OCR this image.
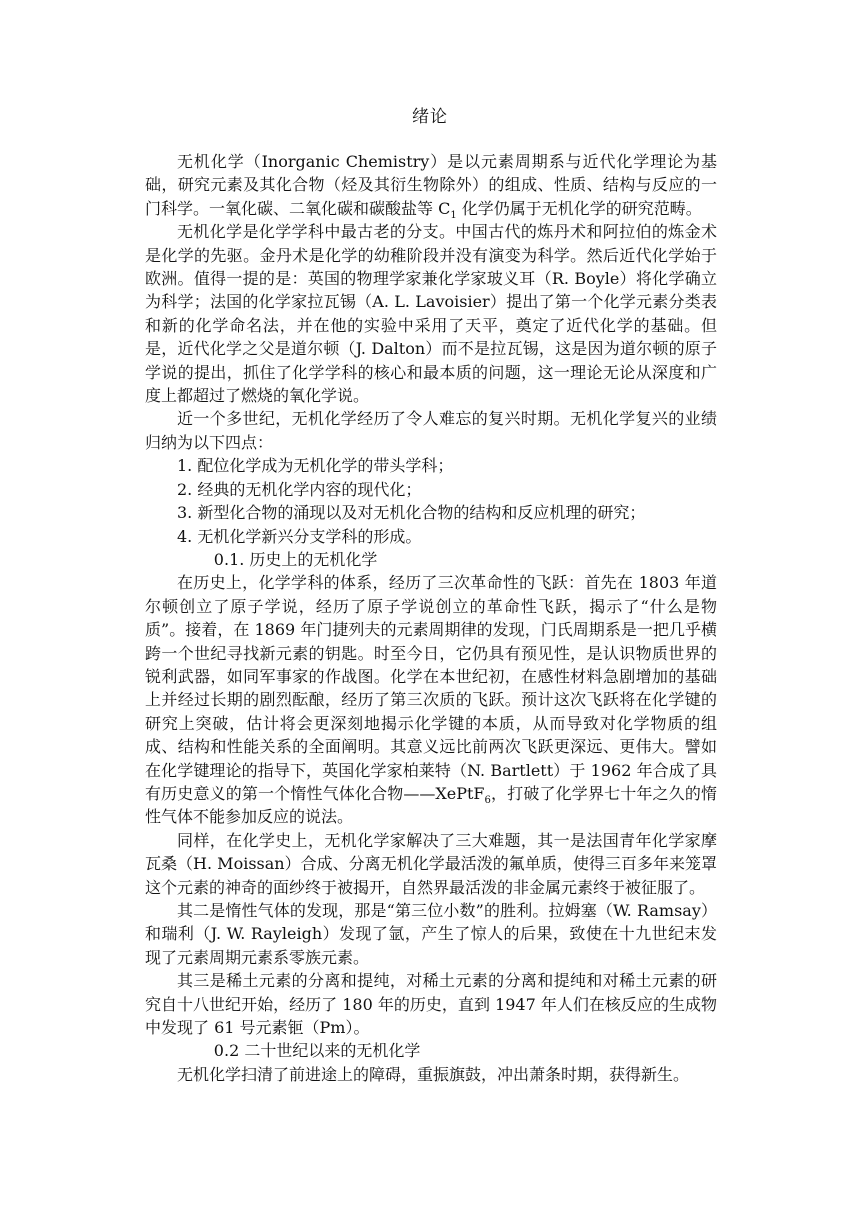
绪论

无机化学（Inorganic Chemistry）是以元素周期系与近代化学理论为基础，研究元素及其化合物（烃及其衍生物除外）的组成、性质、结构与反应的一门科学。一氧化碳、二氧化碳和碳酸盐等 $C_1$ 化学仍属于无机化学的研究范畴。

无机化学是化学学科中最古老的分支。中国古代的炼丹术和阿拉伯的炼金术是化学的先驱。金丹术是化学的幼稚阶段并没有演变为科学。然后近代化学始于欧洲。值得一提的是：英国的物理学家兼化学家玻义耳（R. Boyle）将化学确立为科学；法国的化学家拉瓦锡（A. L. Lavoisier）提出了第一个化学元素分类表和新的化学命名法，并在他的实验中采用了天平，奠定了近代化学的基础。但是，近代化学之父是道尔顿（J. Dalton）而不是拉瓦锡，这是因为道尔顿的原子学说的提出，抓住了化学学科的核心和最本质的问题，这一理论无论从深度和广度上都超过了燃烧的氧化学说。

近一个多世纪，无机化学经历了令人难忘的复兴时期。无机化学复兴的业绩归纳为以下四点：

1. 配位化学成为无机化学的带头学科；

2. 经典的无机化学内容的现代化；

3. 新型化合物的涌现以及对无机化合物的结构和反应机理的研究；

4. 无机化学新兴分支学科的形成。

0.1. 历史上的无机化学

在历史上，化学学科的体系，经历了三次革命性的飞跃：首先在 1803 年道尔顿创立了原子学说，经历了原子学说创立的革命性飞跃，揭示了“什么是物质”。接着，在 1869 年门捷列夫的元素周期律的发现，门氏周期系是一把几乎横跨一个世纪寻找新元素的钥匙。时至今日，它仍具有预见性，是认识物质世界的锐利武器，如同军事家的作战图。化学在本世纪初，在感性材料急剧增加的基础上并经过长期的剧烈酝酿，经历了第三次质的飞跃。预计这次飞跃将在化学键的研究上突破，估计将会更深刻地揭示化学键的本质，从而导致对化学物质的组成、结构和性能关系的全面阐明。其意义远比前两次飞跃更深远、更伟大。譬如在化学键理论的指导下，英国化学家柏莱特（N. Bartlett）于 1962 年合成了具有历史意义的第一个惰性气体化合物——XePtF$_6$，打破了化学界七十年之久的惰性气体不能参加反应的说法。

同样，在化学史上，无机化学家解决了三大难题，其一是法国青年化学家摩瓦桑（H. Moissan）合成、分离无机化学最活泼的氟单质，使得三百多年来笼罩这个元素的神奇的面纱终于被揭开，自然界最活泼的非金属元素终于被征服了。

其二是惰性气体的发现，那是“第三位小数”的胜利。拉姆塞（W. Ramsay）和瑞利（J. W. Rayleigh）发现了氩，产生了惊人的后果，致使在十九世纪末发现了元素周期元素系零族元素。

其三是稀土元素的分离和提纯，对稀土元素的分离和提纯和对稀土元素的研究自十八世纪开始，经历了 180 年的历史，直到 1947 年人们在核反应的生成物中发现了 61 号元素钷（Pm）。

0.2 二十世纪以来的无机化学

无机化学扫清了前进途上的障碍，重振旗鼓，冲出萧条时期，获得新生。
